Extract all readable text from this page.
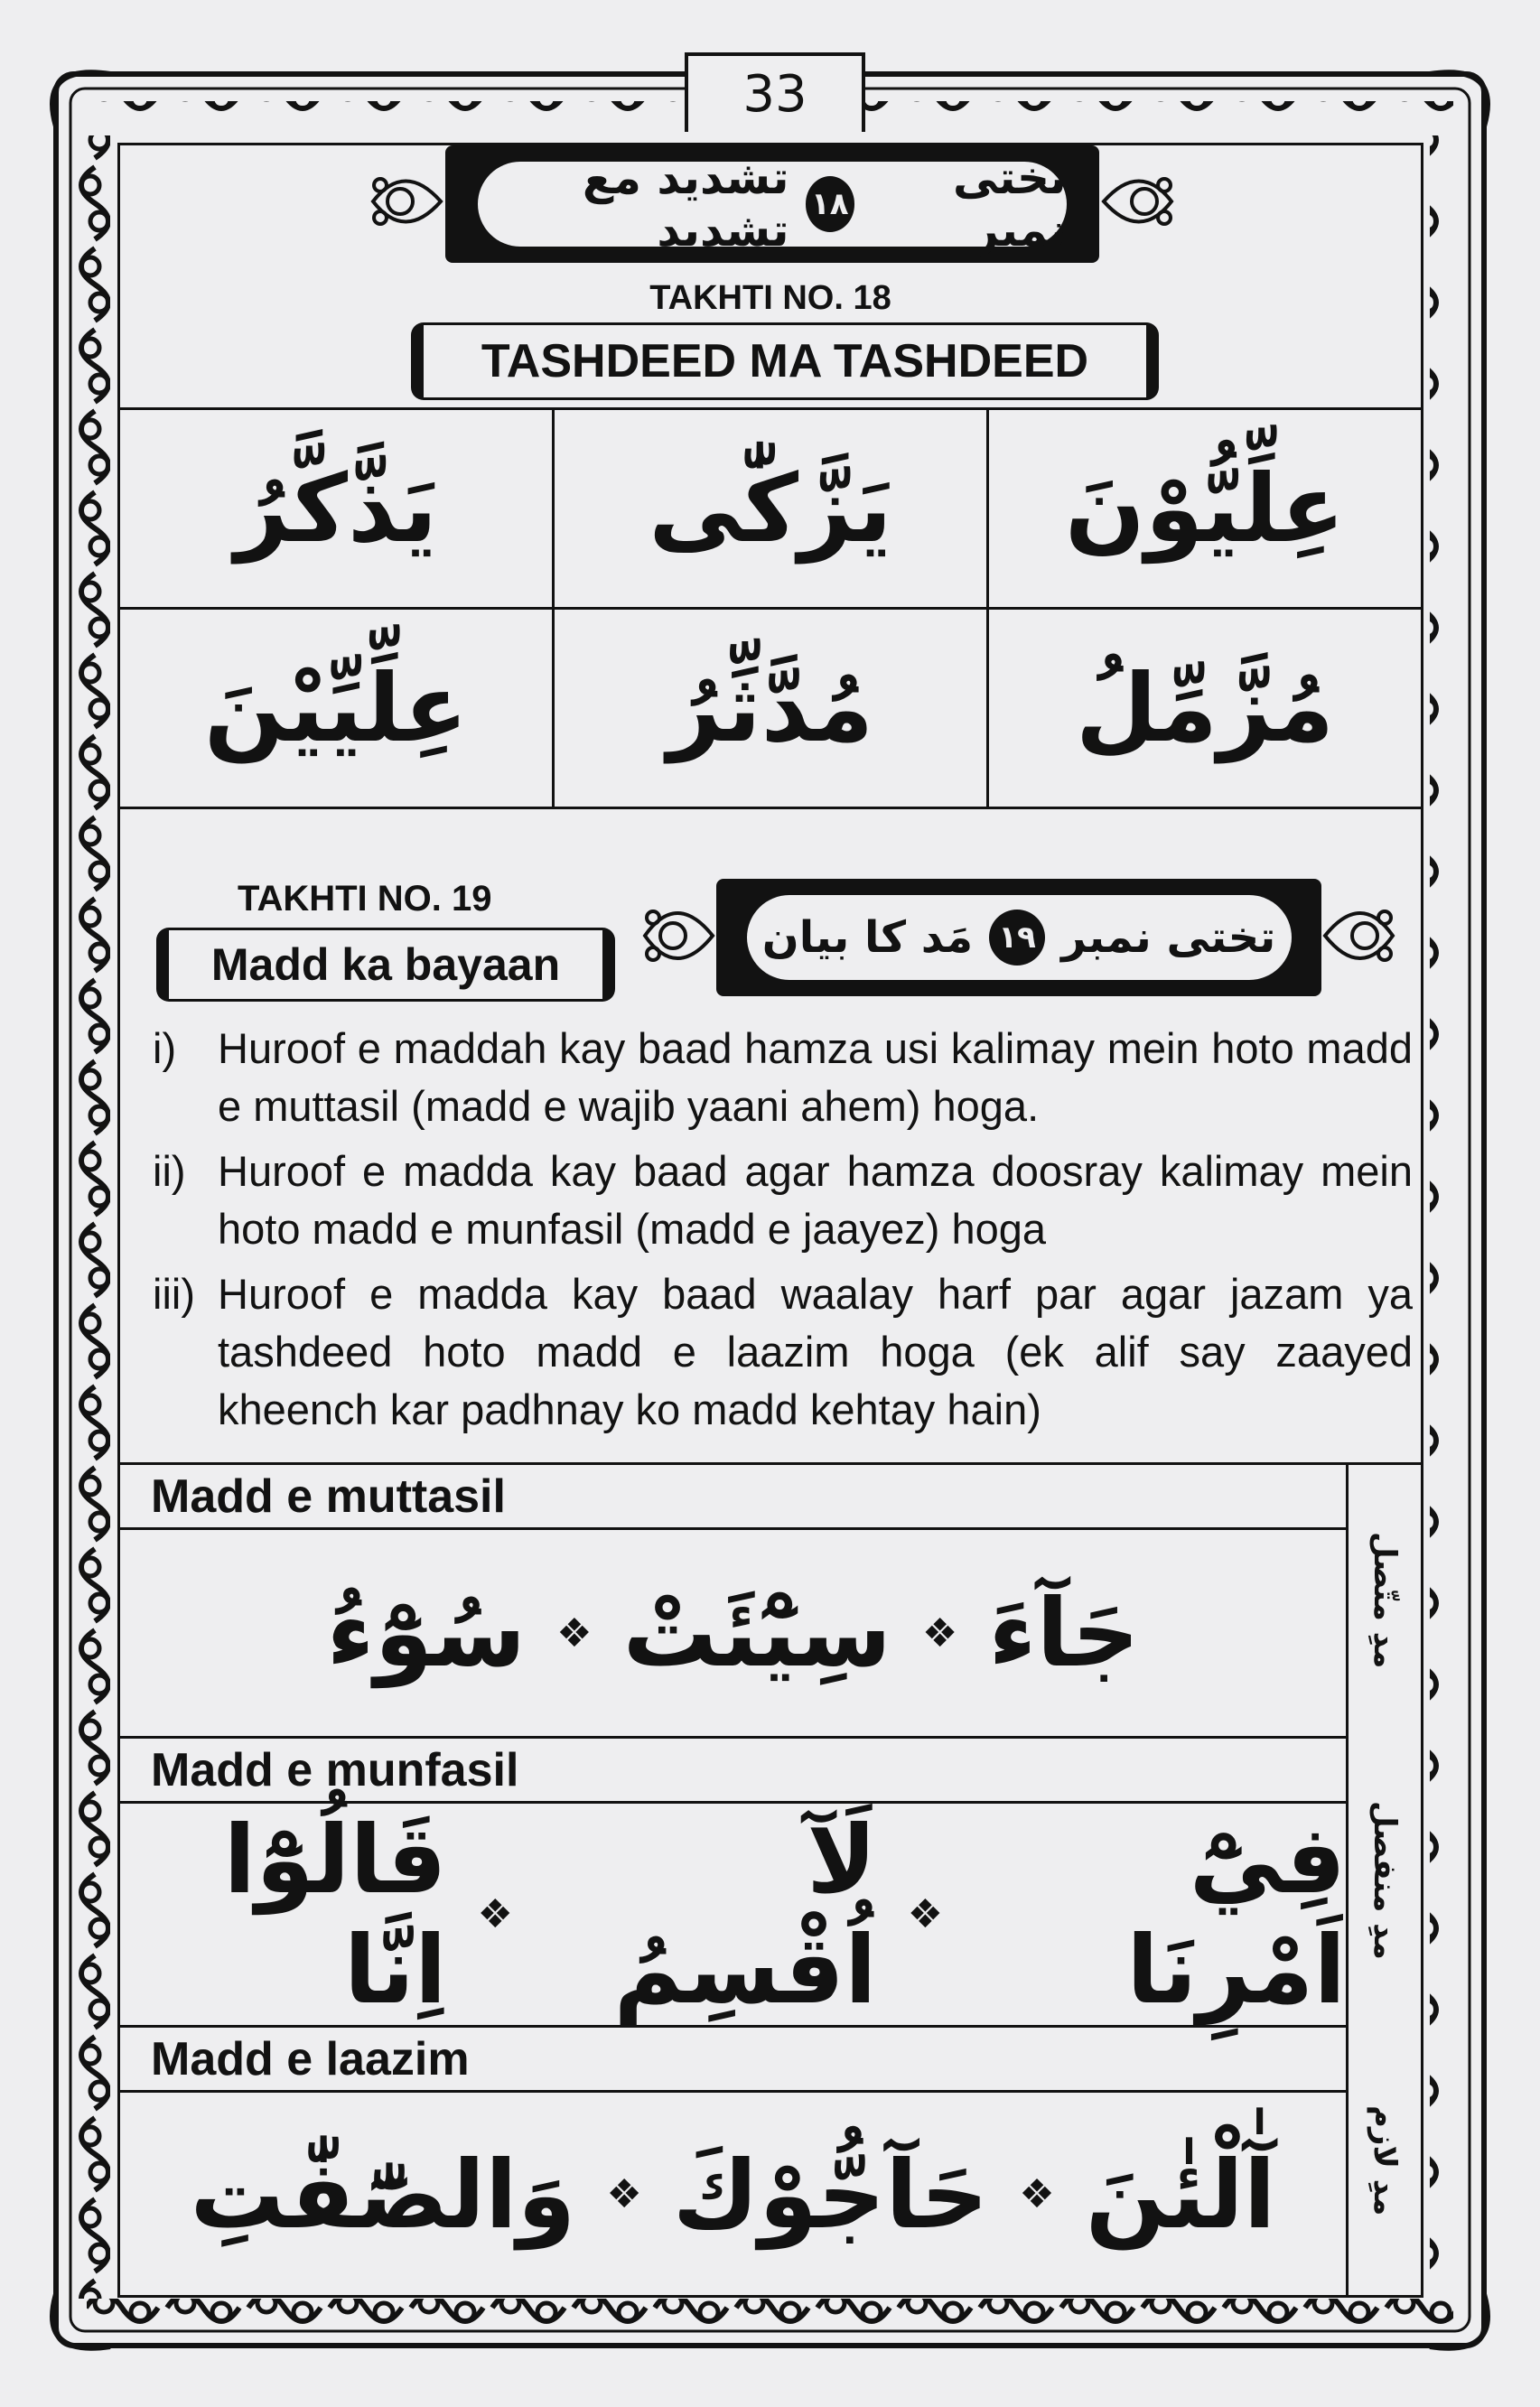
33
تختی نمبر
۱۸
تشدید مع تشدید
TAKHTI NO. 18
TASHDEED MA TASHDEED
يَذَّكَّرُ	يَزَّكّٰى	عِلِّيُّوْنَ
عِلِّيِّيْنَ	مُدَّثِّرُ	مُزَّمِّلُ
TAKHTI NO. 19
Madd ka bayaan
تختی نمبر
۱۹
مَد کا بیان
i) Huroof e maddah kay baad hamza usi kalimay mein hoto madd e muttasil (madd e wajib yaani ahem) hoga.
ii) Huroof e madda kay baad agar hamza doosray kalimay mein hoto madd e munfasil (madd e jaayez) hoga
iii) Huroof e madda kay baad waalay harf par agar jazam ya tashdeed hoto madd e laazim hoga (ek alif say zaayed kheench kar padhnay ko madd kehtay hain)
مدِ متّصل
مدِ منفصل
مدِ لازم
Madd e muttasil
جَآءَ
❖
سِيْٓئَتْ
❖
سُوْٓءُ
Madd e munfasil
فِيْٓ اَمْرِنَا
❖
لَآ اُقْسِمُ
❖
قَالُوْٓا اِنَّا
Madd e laazim
آٰلْئٰنَ
❖
حَآجُّوْكَ
❖
وَالصّٰٓفّٰتِ
